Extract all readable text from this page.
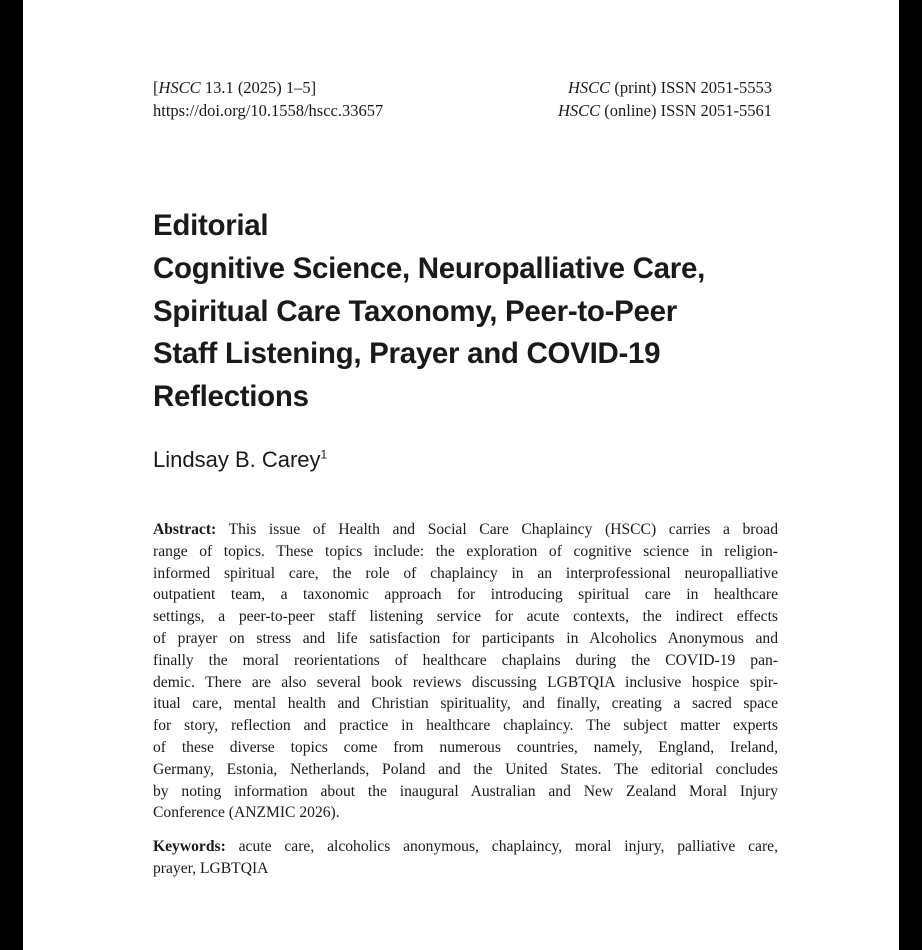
[HSCC 13.1 (2025) 1–5]
https://doi.org/10.1558/hscc.33657
HSCC (print) ISSN 2051-5553
HSCC (online) ISSN 2051-5561
Editorial
Cognitive Science, Neuropalliative Care,
Spiritual Care Taxonomy, Peer-to-Peer
Staff Listening, Prayer and COVID-19
Reflections
Lindsay B. Carey$^1$
Abstract: This issue of Health and Social Care Chaplaincy (HSCC) carries a broad
range of topics. These topics include: the exploration of cognitive science in religion-
informed spiritual care, the role of chaplaincy in an interprofessional neuropalliative
outpatient team, a taxonomic approach for introducing spiritual care in healthcare
settings, a peer-to-peer staff listening service for acute contexts, the indirect effects
of prayer on stress and life satisfaction for participants in Alcoholics Anonymous and
finally the moral reorientations of healthcare chaplains during the COVID-19 pan-
demic. There are also several book reviews discussing LGBTQIA inclusive hospice spir-
itual care, mental health and Christian spirituality, and finally, creating a sacred space
for story, reflection and practice in healthcare chaplaincy. The subject matter experts
of these diverse topics come from numerous countries, namely, England, Ireland,
Germany, Estonia, Netherlands, Poland and the United States. The editorial concludes
by noting information about the inaugural Australian and New Zealand Moral Injury
Conference (ANZMIC 2026).
Keywords: acute care, alcoholics anonymous, chaplaincy, moral injury, palliative care,
prayer, LGBTQIA
